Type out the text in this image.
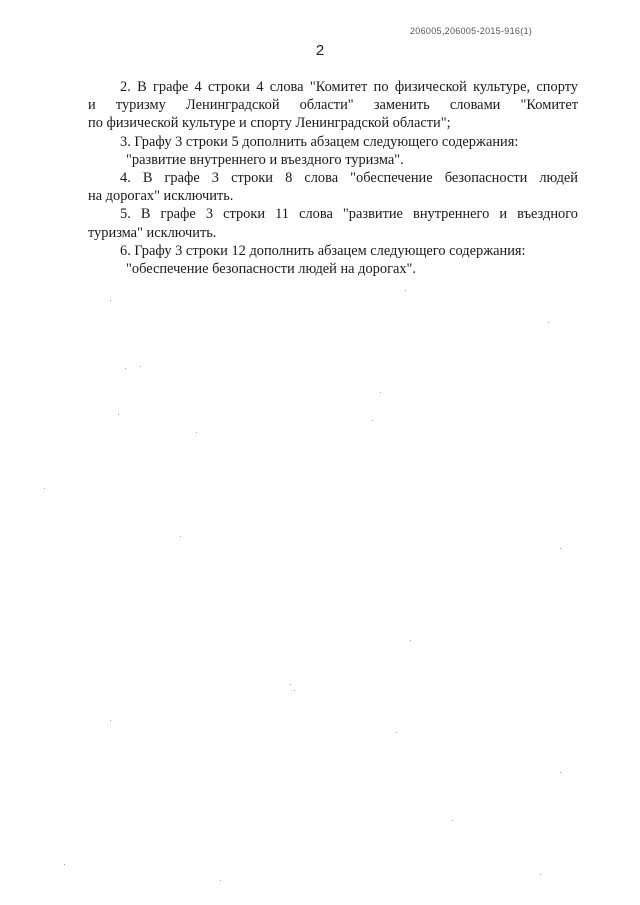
206005,206005-2015-916(1)
2
2. В графе 4 строки 4 слова "Комитет по физической культуре, спорту
и туризму Ленинградской области" заменить словами "Комитет
по физической культуре и спорту Ленинградской области";

3. Графу 3 строки 5 дополнить абзацем следующего содержания:

"развитие внутреннего и въездного туризма".

4. В графе 3 строки 8 слова "обеспечение безопасности людей
на дорогах" исключить.
5. В графе 3 строки 11 слова "развитие внутреннего и въездного
туризма" исключить.

6. Графу 3 строки 12 дополнить абзацем следующего содержания:

"обеспечение безопасности людей на дорогах".
